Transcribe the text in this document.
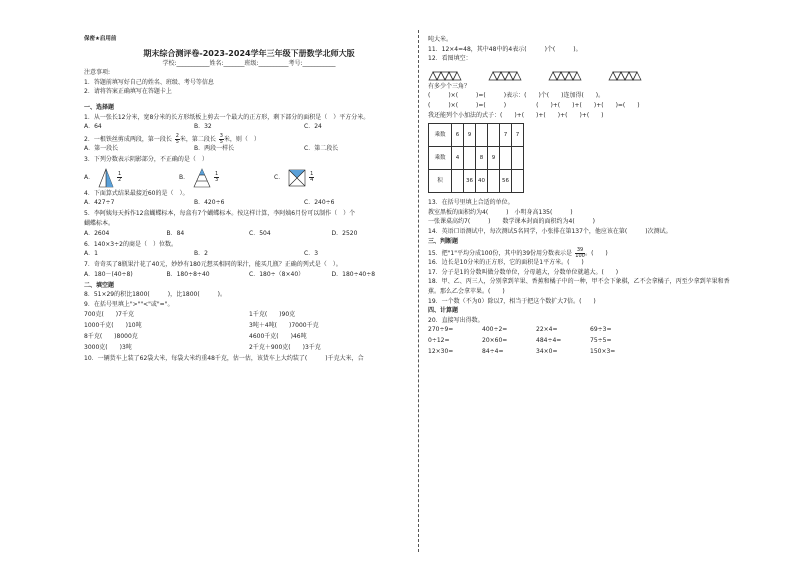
保密★启用前
期末综合测评卷-2023-2024学年三年级下册数学北师大版
学校:___________姓名:_______班级:__________考号:___________
注意事项:
1．答题前填写好自己的姓名、班级、考号等信息
2．请将答案正确填写在答题卡上
一、选择题
1．从一张长12分米，宽8分米的长方形纸板上剪去一个最大的正方形，剩下部分的面积是（　）平方分米。
A．64	B．32	C．24
2．一根铁丝剪成两段，第一段长 $\frac{2}{5}$ 米，第二段长 $\frac{3}{5}$ 米，则（　）
A．第一段长	B．两段一样长	C．第二段长
3．下列分数表示阴影部分，不正确的是（　）
A．	$\frac{1}{2}$	B．	$\frac{1}{3}$	C．	$\frac{1}{4}$
4．下面算式结果最接近60的是（　）。
A．427÷7	B．420÷6	C．240÷6
5．李阿姨每天拆作12盒蝴蝶标本，每盒有7个蝴蝶标本。按这样计算，李阿姨6月份可以制作（　）个
蝴蝶标本。
A．2604	B．84	C．504	D．2520
6．140×3÷2的商是（　）位数。
A．1	B．2	C．3
7．奇奇买了8瓶果汁花了40元，妙妙有180元想买相同的果汁，能买几瓶？正确的列式是（　）。
A．180－(40÷8)	B．180÷8÷40	C．180÷（8×40）	D．180÷40÷8
二、填空题
8．51×29的积比1800(　　　)，比1800(　　　)。
9．在括号里填上">""<"或"="。
700克(　　)7千克	1千克(　　)90克
1000千克(　　)10吨	3吨＋4吨(　　)7000千克
8千克(　　)8000克	4600千克(　　)46吨
3000克(　　)3吨	2千克＋900克(　　)3千克
10．一辆货车上装了62袋大米，每袋大米约重48千克，估一估，该货车上大约装了(　　　)千克大米，合
吨大米。
11．12×4=48，其中48中的4表示(　　　)个(　　　)。
12．看图填空：
有多少个三角？
(　　　)×(　　　)=(　　　)表示：(　　)个(　　)连加得(　　)。
(　　　)×(　　　)=(　　　)　　　　　(　　)+(　　)+(　　)+(　　)=(　　)
我还能列个小加法的式子：(　　)+(　　)+(　　)+(　　)+(　　)
乘数	6	9			7	7
乘数	4		8	9		
积		36	40		56	
13．在括号里填上合适的单位。
教室黑板的面积约为4(　　　)　小明身高135(　　　)
一张课桌高约7(　　　)　　数学课本封面的面积约为4(　　　)
14．英语口语测试中，每次测试5名同学，小张排在第137个，他应该在第(　　　)次测试。
三、判断题
15．把"1"平均分成100份，其中的39份用分数表示是 $\frac{39}{100}$ 。(　　)
16．边长是10分米的正方形，它的面积是1平方米。(　　)
17．分子是1的分数叫做分数单位，分母越大，分数单位就越大。(　　)
18．甲、乙、丙三人，分别拿到苹果、香蕉和橘子中的一种，甲不会下象棋，乙不会拿橘子，丙至少拿到苹果和香
蕉。那么乙会拿苹果。(　　)
19．一个数（不为0）除以7，相当于把这个数扩大7倍。(　　)
四、计算题
20．直接写出得数。
270÷9=	400÷2=	22×4=	69÷3=
0÷12=	20×60=	484÷4=	75÷5=
12×30=	84÷4=	34×0=	150×3=
